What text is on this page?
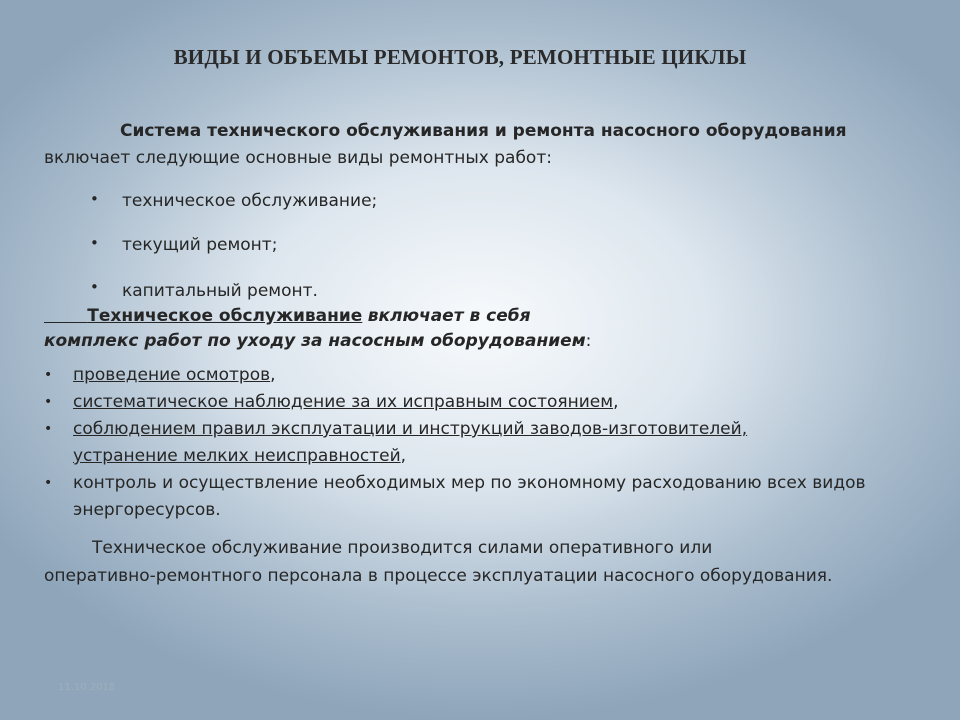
ВИДЫ И ОБЪЕМЫ РЕМОНТОВ, РЕМОНТНЫЕ ЦИКЛЫ
Система технического обслуживания и ремонта насосного оборудования
включает следующие основные виды ремонтных работ:
• техническое обслуживание;
• текущий ремонт;
• капитальный ремонт.
Техническое обслуживание включает в себя
комплекс работ по уходу за насосным оборудованием:
• проведение осмотров,
• систематическое наблюдение за их исправным состоянием,
• соблюдением правил эксплуатации и инструкций заводов-изготовителей,
устранение мелких неисправностей,
• контроль и осуществление необходимых мер по экономному расходованию всех видов энергоресурсов.
Техническое обслуживание производится силами оперативного или
оперативно-ремонтного персонала в процессе эксплуатации насосного оборудования.
11.10.2018
